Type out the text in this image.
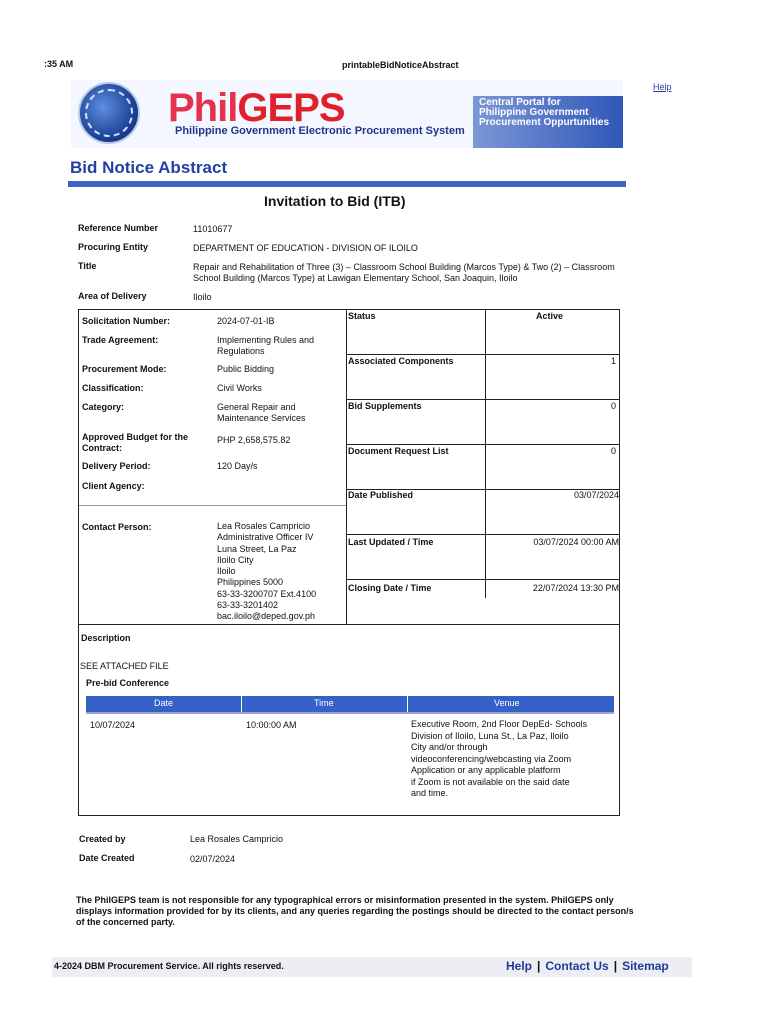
:35 AM	printableBidNoticeAbstract
Help
PhilGEPS
Philippine Government Electronic Procurement System
Central Portal for
Philippine Government
Procurement Oppurtunities
Bid Notice Abstract
Invitation to Bid (ITB)
Reference Number	11010677
Procuring Entity	DEPARTMENT OF EDUCATION - DIVISION OF ILOILO
Title	Repair and Rehabilitation of Three (3) – Classroom School Building (Marcos Type) & Two (2) – Classroom School Building (Marcos Type) at Lawigan Elementary School, San Joaquin, Iloilo
Area of Delivery	Iloilo
Solicitation Number:	2024-07-01-IB
Trade Agreement:	Implementing Rules and Regulations
Procurement Mode:	Public Bidding
Classification:	Civil Works
Category:	General Repair and Maintenance Services
Approved Budget for the Contract:
PHP 2,658,575.82
Delivery Period:	120 Day/s
Client Agency:
Contact Person:	Lea Rosales Campricio
Administrative Officer IV
Luna Street, La Paz
Iloilo City
Iloilo
Philippines 5000
63-33-3200707 Ext.4100
63-33-3201402
bac.iloilo@deped.gov.ph
Status	Active
Associated Components	1
Bid Supplements	0
Document Request List	0
Date Published	03/07/2024
Last Updated / Time	03/07/2024 00:00 AM
Closing Date / Time	22/07/2024 13:30 PM
Description
SEE ATTACHED FILE
Pre-bid Conference
Date	Time	Venue
10/07/2024	10:00:00 AM	Executive Room, 2nd Floor DepEd- Schools
Division of Iloilo, Luna St., La Paz, Iloilo
City and/or through
videoconferencing/webcasting via Zoom
Application or any applicable platform
if Zoom is not available on the said date
and time.
Created by	Lea Rosales Campricio
Date Created	02/07/2024
The PhilGEPS team is not responsible for any typographical errors or misinformation presented in the system. PhilGEPS only displays information provided for by its clients, and any queries regarding the postings should be directed to the contact person/s of the concerned party.
4-2024 DBM Procurement Service. All rights reserved.	Help | Contact Us | Sitemap
